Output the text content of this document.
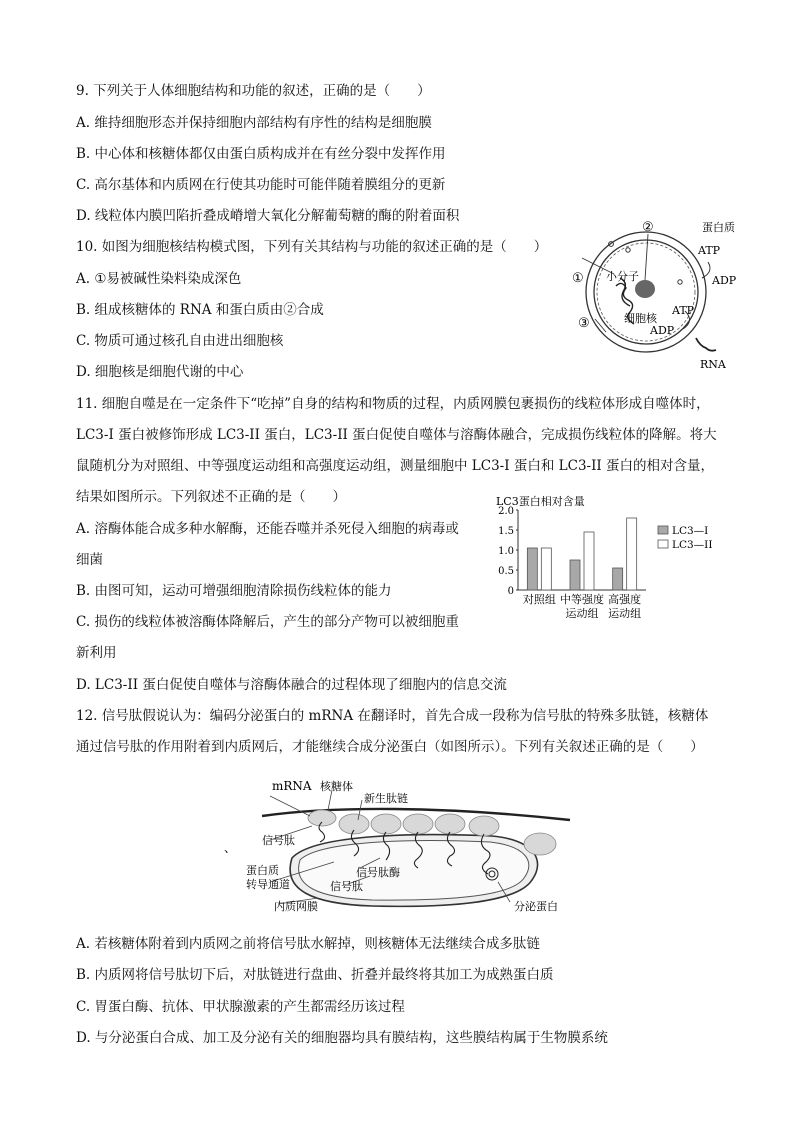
9. 下列关于人体细胞结构和功能的叙述，正确的是（　　）
A. 维持细胞形态并保持细胞内部结构有序性的结构是细胞膜
B. 中心体和核糖体都仅由蛋白质构成并在有丝分裂中发挥作用
C. 高尔基体和内质网在行使其功能时可能伴随着膜组分的更新
D. 线粒体内膜凹陷折叠成嵴增大氧化分解葡萄糖的酶的附着面积
10. 如图为细胞核结构模式图，下列有关其结构与功能的叙述正确的是（　　）
A. ①易被碱性染料染成深色
B. 组成核糖体的 RNA 和蛋白质由②合成
C. 物质可通过核孔自由进出细胞核
D. 细胞核是细胞代谢的中心
蛋白质
ATP
ADP
小分子
ATP
细胞核
ADP
RNA
①
②
③
11. 细胞自噬是在一定条件下“吃掉”自身的结构和物质的过程，内质网膜包裹损伤的线粒体形成自噬体时，
LC3-I 蛋白被修饰形成 LC3-II 蛋白，LC3-II 蛋白促使自噬体与溶酶体融合，完成损伤线粒体的降解。将大
鼠随机分为对照组、中等强度运动组和高强度运动组，测量细胞中 LC3-I 蛋白和 LC3-II 蛋白的相对含量，
结果如图所示。下列叙述不正确的是（　　）
A. 溶酶体能合成多种水解酶，还能吞噬并杀死侵入细胞的病毒或
细菌
B. 由图可知，运动可增强细胞清除损伤线粒体的能力
C. 损伤的线粒体被溶酶体降解后，产生的部分产物可以被细胞重
新利用
D. LC3-II 蛋白促使自噬体与溶酶体融合的过程体现了细胞内的信息交流
LC3蛋白相对含量
2.0
1.5
1.0
0.5
0
对照组 中等强度
运动组
高强度
运动组
LC3—I
LC3—II
12. 信号肽假说认为：编码分泌蛋白的 mRNA 在翻译时，首先合成一段称为信号肽的特殊多肽链，核糖体
通过信号肽的作用附着到内质网后，才能继续合成分泌蛋白（如图所示）。下列有关叙述正确的是（　　）
mRNA 核糖体
新生肽链
信号肽
、
蛋白质
转导通道
信号肽酶
信号肽
内质网膜	分泌蛋白
A. 若核糖体附着到内质网之前将信号肽水解掉，则核糖体无法继续合成多肽链
B. 内质网将信号肽切下后，对肽链进行盘曲、折叠并最终将其加工为成熟蛋白质
C. 胃蛋白酶、抗体、甲状腺激素的产生都需经历该过程
D. 与分泌蛋白合成、加工及分泌有关的细胞器均具有膜结构，这些膜结构属于生物膜系统
